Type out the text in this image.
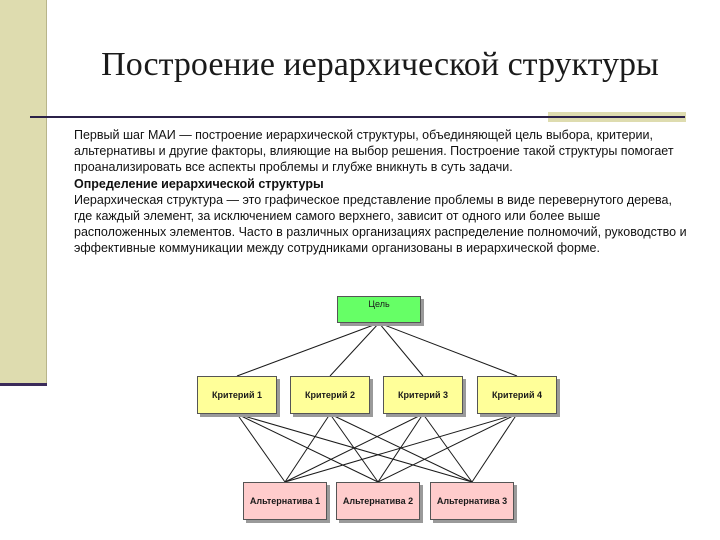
Построение иерархической структуры

Первый шаг МАИ — построение иерархической структуры, объединяющей цель выбора, критерии, альтернативы и другие факторы, влияющие на выбор решения. Построение такой структуры помогает проанализировать все аспекты проблемы и глубже вникнуть в суть задачи.

Определение иерархической структуры

Иерархическая структура — это графическое представление проблемы в виде перевернутого дерева, где каждый элемент, за исключением самого верхнего, зависит от одного или более выше расположенных элементов. Часто в различных организациях распределение полномочий, руководство и эффективные коммуникации между сотрудниками организованы в иерархической форме.

Цель
Критерий 1	Критерий 2	Критерий 3	Критерий 4
Альтернатива 1	Альтернатива 2	Альтернатива 3
